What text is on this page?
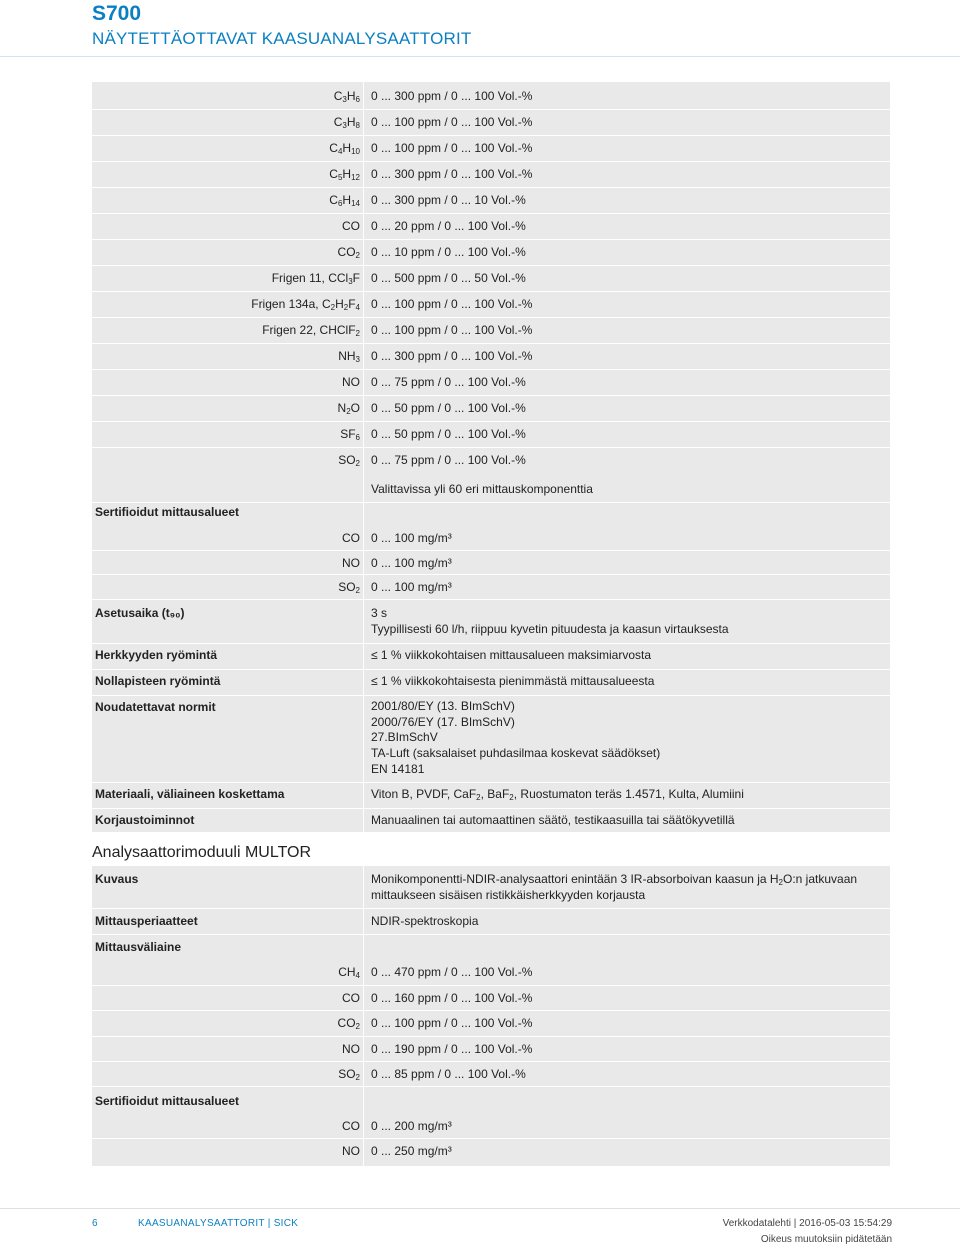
S700
NÄYTETTÄOTTAVAT KAASUANALYSAATTORIT
$C_3H_6$ 0 ... 300 ppm / 0 ... 100 Vol.-%
$C_3H_8$ 0 ... 100 ppm / 0 ... 100 Vol.-%
$C_4H_{10}$ 0 ... 100 ppm / 0 ... 100 Vol.-%
$C_5H_{12}$ 0 ... 300 ppm / 0 ... 100 Vol.-%
$C_6H_{14}$ 0 ... 300 ppm / 0 ... 10 Vol.-%
CO 0 ... 20 ppm / 0 ... 100 Vol.-%
$CO_2$ 0 ... 10 ppm / 0 ... 100 Vol.-%
Frigen 11, CCl$_3$F 0 ... 500 ppm / 0 ... 50 Vol.-%
Frigen 134a, $C_2H_2F_4$ 0 ... 100 ppm / 0 ... 100 Vol.-%
Frigen 22, CHClF$_2$ 0 ... 100 ppm / 0 ... 100 Vol.-%
$NH_3$ 0 ... 300 ppm / 0 ... 100 Vol.-%
NO 0 ... 75 ppm / 0 ... 100 Vol.-%
$N_2O$ 0 ... 50 ppm / 0 ... 100 Vol.-%
$SF_6$ 0 ... 50 ppm / 0 ... 100 Vol.-%
$SO_2$ 0 ... 75 ppm / 0 ... 100 Vol.-%
Valittavissa yli 60 eri mittauskomponenttia
Sertifioidut mittausalueet
CO 0 ... 100 mg/m³
NO 0 ... 100 mg/m³
$SO_2$ 0 ... 100 mg/m³
Asetusaika (t₉₀)	3 s
Tyypillisesti 60 l/h, riippuu kyvetin pituudesta ja kaasun virtauksesta
Herkkyyden ryömintä	≤ 1 % viikkokohtaisen mittausalueen maksimiarvosta
Nollapisteen ryömintä	≤ 1 % viikkokohtaisesta pienimmästä mittausalueesta
Noudatettavat normit	2001/80/EY (13. BImSchV)
2000/76/EY (17. BImSchV)
27.BImSchV
TA-Luft (saksalaiset puhdasilmaa koskevat säädökset)
EN 14181
Materiaali, väliaineen koskettama	Viton B, PVDF, CaF$_2$, BaF$_2$, Ruostumaton teräs 1.4571, Kulta, Alumiini
Korjaustoiminnot	Manuaalinen tai automaattinen säätö, testikaasuilla tai säätökyvetillä
Analysaattorimoduuli MULTOR
Kuvaus	Monikomponentti-NDIR-analysaattori enintään 3 IR-absorboivan kaasun ja $H_2O:n$ jatkuvaan
mittaukseen sisäisen ristikkäisherkkyyden korjausta
Mittausperiaatteet	NDIR-spektroskopia
Mittausväliaine
$CH_4$ 0 ... 470 ppm / 0 ... 100 Vol.-%
CO 0 ... 160 ppm / 0 ... 100 Vol.-%
$CO_2$ 0 ... 100 ppm / 0 ... 100 Vol.-%
NO 0 ... 190 ppm / 0 ... 100 Vol.-%
$SO_2$ 0 ... 85 ppm / 0 ... 100 Vol.-%
Sertifioidut mittausalueet
CO 0 ... 200 mg/m³
NO 0 ... 250 mg/m³
6	KAASUANALYSAATTORIT | SICK	Verkkodatalehti | 2016-05-03 15:54:29
Oikeus muutoksiin pidätetään
